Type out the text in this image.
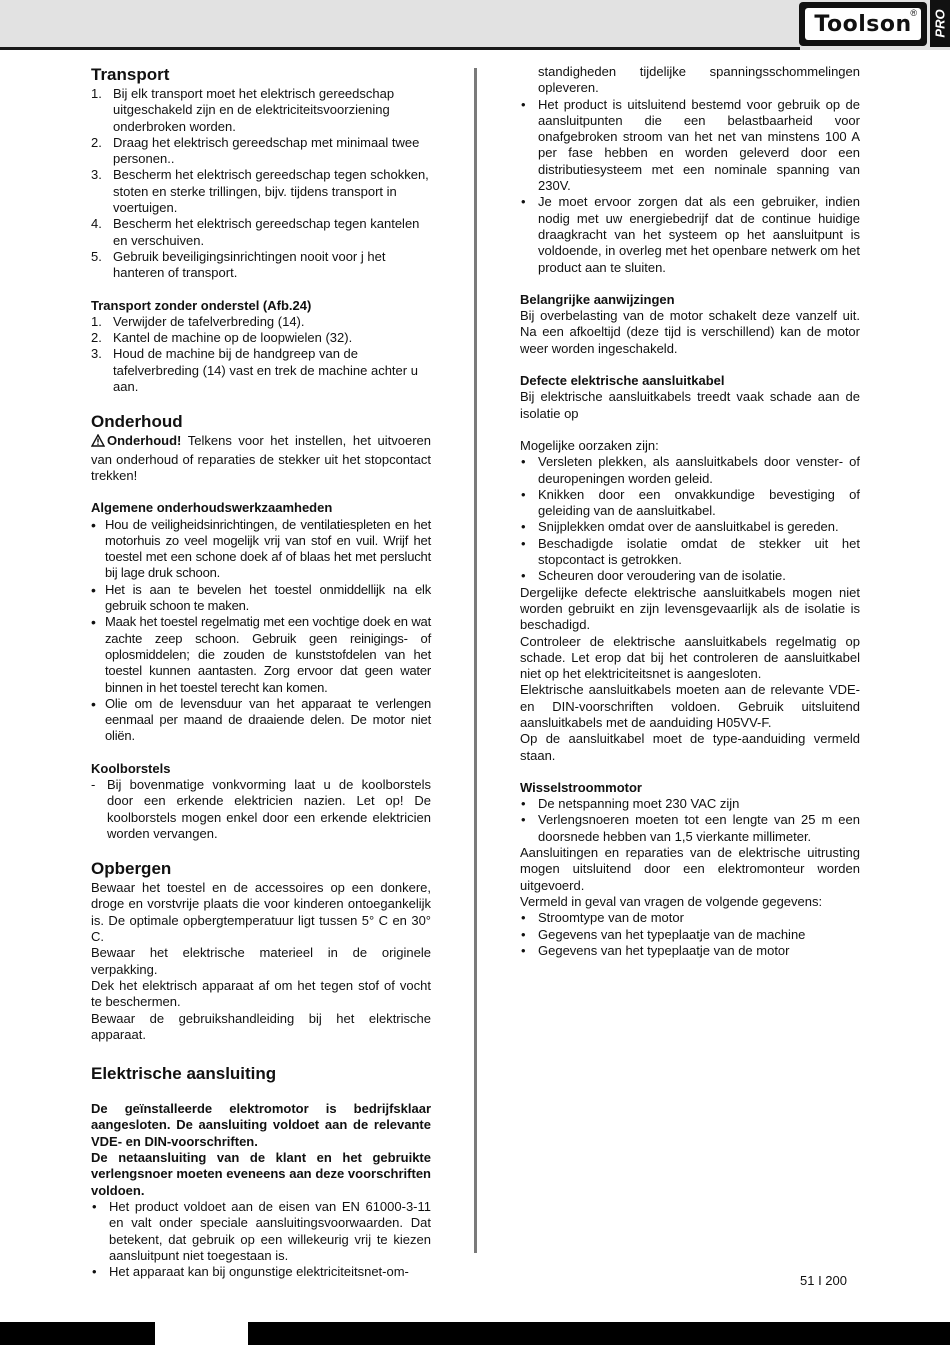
Toolson
® PRO
Transport
1. Bij elk transport moet het elektrisch gereedschap uitgeschakeld zijn en de elektriciteitsvoorziening onderbroken worden.
2. Draag het elektrisch gereedschap met minimaal twee personen..
3. Bescherm het elektrisch gereedschap tegen schokken, stoten en sterke trillingen, bijv. tijdens transport in voertuigen.
4. Bescherm het elektrisch gereedschap tegen kantelen en verschuiven.
5. Gebruik beveiligingsinrichtingen nooit voor j het hanteren of transport.
Transport zonder onderstel (Afb.24)
1. Verwijder de tafelverbreding (14).
2. Kantel de machine op de loopwielen (32).
3. Houd de machine bij de handgreep van de tafelverbreding (14) vast en trek de machine achter u aan.
Onderhoud

Onderhoud! Telkens voor het instellen, het uitvoeren van onderhoud of reparaties de stekker uit het stopcontact trekken!

Algemene onderhoudswerkzaamheden
• Hou de veiligheidsinrichtingen, de ventilatiespleten en het motorhuis zo veel mogelijk vrij van stof en vuil. Wrijf het toestel met een schone doek af of blaas het met perslucht bij lage druk schoon.
• Het is aan te bevelen het toestel onmiddellijk na elk gebruik schoon te maken.
• Maak het toestel regelmatig met een vochtige doek en wat zachte zeep schoon. Gebruik geen reinigings- of oplosmiddelen; die zouden de kunststofdelen van het toestel kunnen aantasten. Zorg ervoor dat geen water binnen in het toestel terecht kan komen.
• Olie om de levensduur van het apparaat te verlengen eenmaal per maand de draaiende delen. De motor niet oliën.
Koolborstels
- Bij bovenmatige vonkvorming laat u de koolborstels door een erkende elektricien nazien. Let op! De koolborstels mogen enkel door een erkende elektricien worden vervangen.
Opbergen

Bewaar het toestel en de accessoires op een donkere, droge en vorstvrije plaats die voor kinderen ontoegankelijk is. De optimale opbergtemperatuur ligt tussen 5° C en 30° C.

Bewaar het elektrische materieel in de originele verpakking.

Dek het elektrisch apparaat af om het tegen stof of vocht te beschermen.

Bewaar de gebruikshandleiding bij het elektrische apparaat.

Elektrische aansluiting

De geïnstalleerde elektromotor is bedrijfsklaar aangesloten. De aansluiting voldoet aan de relevante VDE- en DIN-voorschriften.

De netaansluiting van de klant en het gebruikte verlengsnoer moeten eveneens aan deze voorschriften voldoen.

• Het product voldoet aan de eisen van EN 61000-3-11 en valt onder speciale aansluitingsvoorwaarden. Dat betekent, dat gebruik op een willekeurig vrij te kiezen aansluitpunt niet toegestaan is.
• Het apparaat kan bij ongunstige elektriciteitsnet-om-

standigheden tijdelijke spanningsschommelingen opleveren.

• Het product is uitsluitend bestemd voor gebruik op de aansluitpunten die een belastbaarheid voor onafgebroken stroom van het net van minstens 100 A per fase hebben en worden geleverd door een distributiesysteem met een nominale spanning van 230V.
• Je moet ervoor zorgen dat als een gebruiker, indien nodig met uw energiebedrijf dat de continue huidige draagkracht van het systeem op het aansluitpunt is voldoende, in overleg met het openbare netwerk om het product aan te sluiten.
Belangrijke aanwijzingen

Bij overbelasting van de motor schakelt deze vanzelf uit. Na een afkoeltijd (deze tijd is verschillend) kan de motor weer worden ingeschakeld.

Defecte elektrische aansluitkabel

Bij elektrische aansluitkabels treedt vaak schade aan de isolatie op

Mogelijke oorzaken zijn:

• Versleten plekken, als aansluitkabels door venster- of deuropeningen worden geleid.
• Knikken door een onvakkundige bevestiging of geleiding van de aansluitkabel.
• Snijplekken omdat over de aansluitkabel is gereden.
• Beschadigde isolatie omdat de stekker uit het stopcontact is getrokken.
• Scheuren door veroudering van de isolatie.

Dergelijke defecte elektrische aansluitkabels mogen niet worden gebruikt en zijn levensgevaarlijk als de isolatie is beschadigd.

Controleer de elektrische aansluitkabels regelmatig op schade. Let erop dat bij het controleren de aansluitkabel niet op het elektriciteitsnet is aangesloten.

Elektrische aansluitkabels moeten aan de relevante VDE- en DIN-voorschriften voldoen. Gebruik uitsluitend aansluitkabels met de aanduiding H05VV-F.

Op de aansluitkabel moet de type-aanduiding vermeld staan.

Wisselstroommotor
• De netspanning moet 230 VAC zijn
• Verlengsnoeren moeten tot een lengte van 25 m een doorsnede hebben van 1,5 vierkante millimeter.

Aansluitingen en reparaties van de elektrische uitrusting mogen uitsluitend door een elektromonteur worden uitgevoerd.

Vermeld in geval van vragen de volgende gegevens:

• Stroomtype van de motor
• Gegevens van het typeplaatje van de machine
• Gegevens van het typeplaatje van de motor
51 I 200
